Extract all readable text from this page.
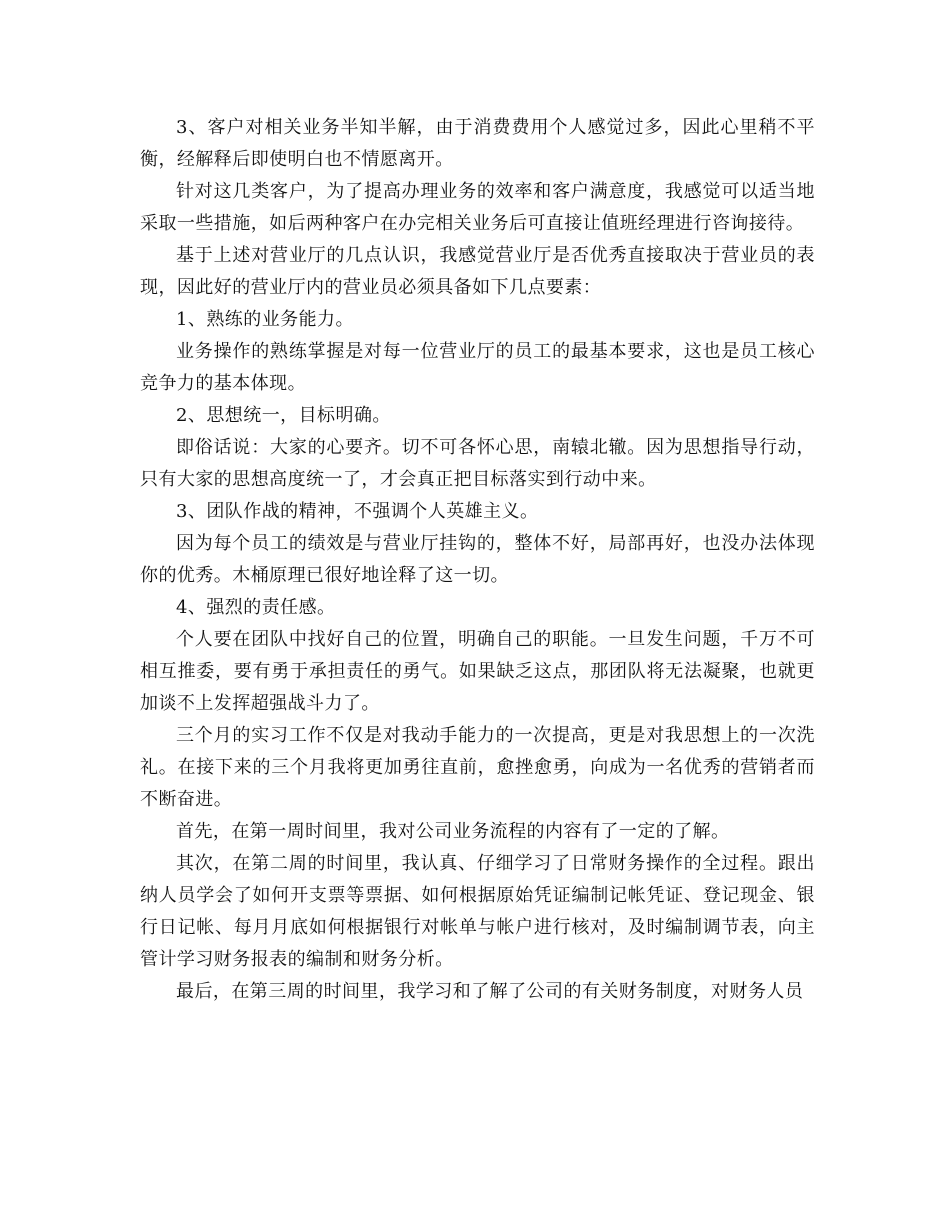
3、客户对相关业务半知半解，由于消费费用个人感觉过多，因此心里稍不平衡，经解释后即使明白也不情愿离开。

针对这几类客户，为了提高办理业务的效率和客户满意度，我感觉可以适当地采取一些措施，如后两种客户在办完相关业务后可直接让值班经理进行咨询接待。

基于上述对营业厅的几点认识，我感觉营业厅是否优秀直接取决于营业员的表现，因此好的营业厅内的营业员必须具备如下几点要素：

1、熟练的业务能力。

业务操作的熟练掌握是对每一位营业厅的员工的最基本要求，这也是员工核心竞争力的基本体现。

2、思想统一，目标明确。

即俗话说：大家的心要齐。切不可各怀心思，南辕北辙。因为思想指导行动，只有大家的思想高度统一了，才会真正把目标落实到行动中来。

3、团队作战的精神，不强调个人英雄主义。

因为每个员工的绩效是与营业厅挂钩的，整体不好，局部再好，也没办法体现你的优秀。木桶原理已很好地诠释了这一切。

4、强烈的责任感。

个人要在团队中找好自己的位置，明确自己的职能。一旦发生问题，千万不可相互推委，要有勇于承担责任的勇气。如果缺乏这点，那团队将无法凝聚，也就更加谈不上发挥超强战斗力了。

三个月的实习工作不仅是对我动手能力的一次提高，更是对我思想上的一次洗礼。在接下来的三个月我将更加勇往直前，愈挫愈勇，向成为一名优秀的营销者而不断奋进。

首先，在第一周时间里，我对公司业务流程的内容有了一定的了解。

其次，在第二周的时间里，我认真、仔细学习了日常财务操作的全过程。跟出纳人员学会了如何开支票等票据、如何根据原始凭证编制记帐凭证、登记现金、银行日记帐、每月月底如何根据银行对帐单与帐户进行核对，及时编制调节表，向主管计学习财务报表的编制和财务分析。

最后，在第三周的时间里，我学习和了解了公司的有关财务制度，对财务人员
